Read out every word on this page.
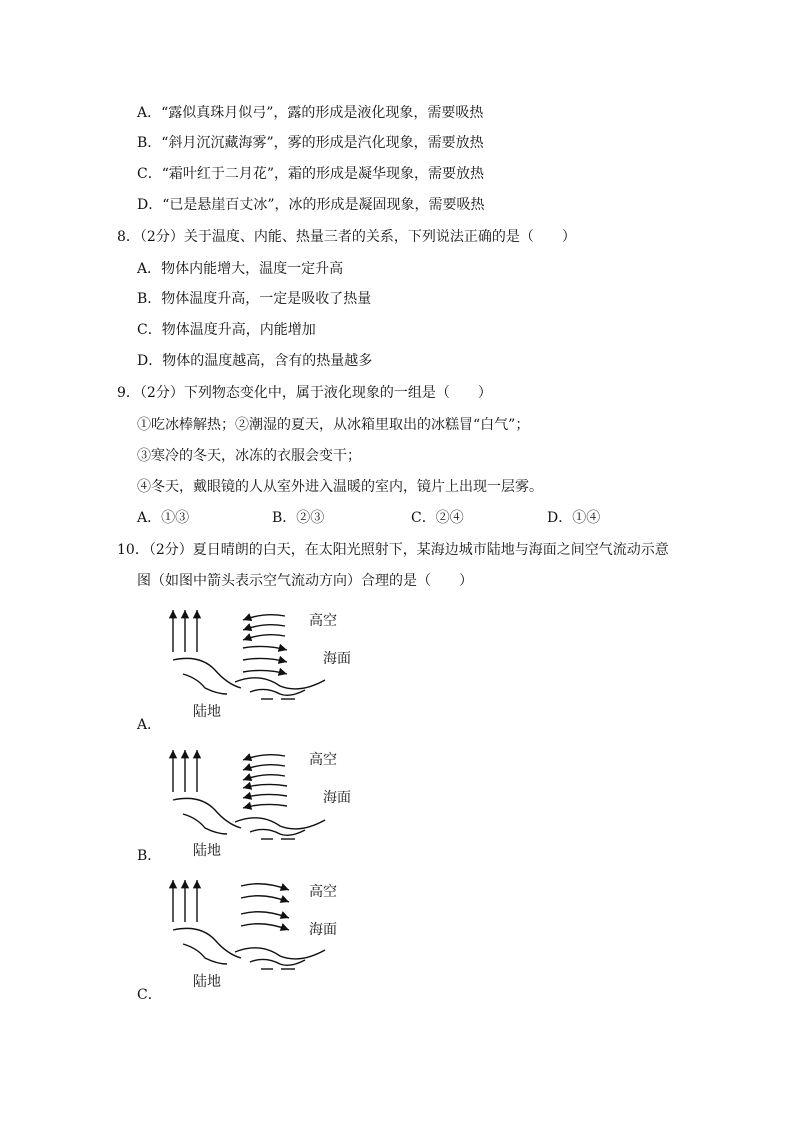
A．“露似真珠月似弓”，露的形成是液化现象，需要吸热
B．“斜月沉沉藏海雾”，雾的形成是汽化现象，需要放热
C．“霜叶红于二月花”，霜的形成是凝华现象，需要放热
D．“已是悬崖百丈冰”，冰的形成是凝固现象，需要吸热
8．（2分）关于温度、内能、热量三者的关系，下列说法正确的是（　　）
A．物体内能增大，温度一定升高
B．物体温度升高，一定是吸收了热量
C．物体温度升高，内能增加
D．物体的温度越高，含有的热量越多
9．（2分）下列物态变化中，属于液化现象的一组是（　　）
①吃冰棒解热；②潮湿的夏天，从冰箱里取出的冰糕冒“白气”；
③寒冷的冬天，冰冻的衣服会变干；
④冬天，戴眼镜的人从室外进入温暖的室内，镜片上出现一层雾。
A．①③	B．②③	C．②④	D．①④
10．（2分）夏日晴朗的白天，在太阳光照射下，某海边城市陆地与海面之间空气流动示意
图（如图中箭头表示空气流动方向）合理的是（　　）
高空
海面
陆地
A．
高空
海面
陆地
B．
高空
海面
陆地
C．
